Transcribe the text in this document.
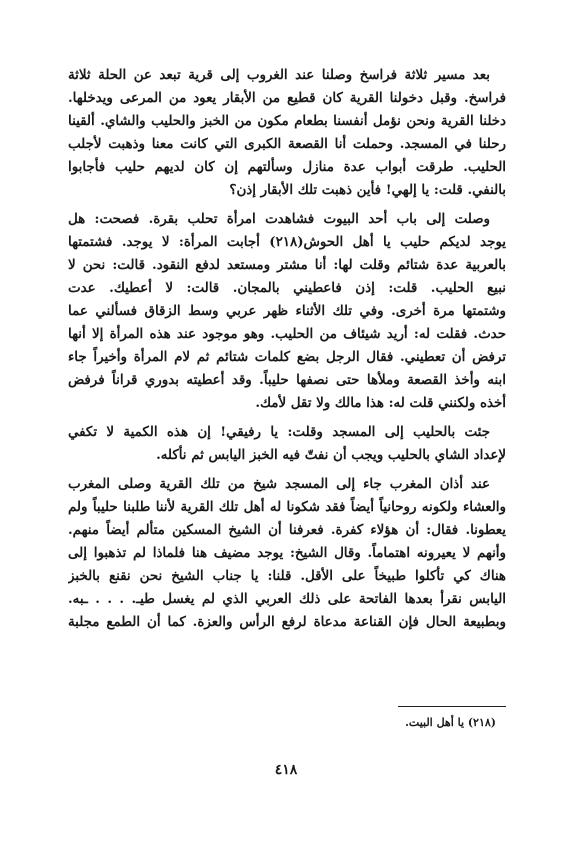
بعد مسير ثلاثة فراسخ وصلنا عند الغروب إلى قرية تبعد عن الحلة ثلاثة
فراسخ. وقبل دخولنا القرية كان قطيع من الأبقار يعود من المرعى ويدخلها.
دخلنا القرية ونحن نؤمل أنفسنا بطعام مكون من الخبز والحليب والشاي. ألقينا
رحلنا في المسجد. وحملت أنا القصعة الكبرى التي كانت معنا وذهبت لأجلب
الحليب. طرقت أبواب عدة منازل وسألتهم إن كان لديهم حليب فأجابوا
بالنفي. قلت: يا إلهي! فأين ذهبت تلك الأبقار إذن؟
وصلت إلى باب أحد البيوت فشاهدت امرأة تحلب بقرة. فصحت: هل
يوجد لديكم حليب يا أهل الحوش(٢١٨) أجابت المرأة: لا يوجد. فشتمتها
بالعربية عدة شتائم وقلت لها: أنا مشتر ومستعد لدفع النقود. قالت: نحن لا
نبيع الحليب. قلت: إذن فاعطيني بالمجان. قالت: لا أعطيك. عدت
وشتمتها مرة أخرى. وفي تلك الأثناء ظهر عربي وسط الزقاق فسألني عما
حدث. فقلت له: أريد شيئاف من الحليب. وهو موجود عند هذه المرأة إلا أنها
ترفض أن تعطيني. فقال الرجل بضع كلمات شتائم ثم لام المرأة وأخيراً جاء
ابنه وأخذ القصعة وملأها حتى نصفها حليباً. وقد أعطيته بدوري قراناً فرفض
أخذه ولكنني قلت له: هذا مالك ولا تقل لأمك.
جئت بالحليب إلى المسجد وقلت: يا رفيقي! إن هذه الكمية لا تكفي
لإعداد الشاي بالحليب ويجب أن نفتّ فيه الخبز اليابس ثم نأكله.
عند أذان المغرب جاء إلى المسجد شيخ من تلك القرية وصلى المغرب
والعشاء ولكونه روحانياً أيضاً فقد شكونا له أهل تلك القرية لأننا طلبنا حليباً ولم
يعطونا. فقال: أن هؤلاء كفرة. فعرفنا أن الشيخ المسكين متألم أيضاً منهم.
وأنهم لا يعيرونه اهتماماً. وقال الشيخ: يوجد مضيف هنا فلماذا لم تذهبوا إلى
هناك كي تأكلوا طبيخاً على الأقل. قلنا: يا جناب الشيخ نحن نقنع بالخبز
اليابس نقرأ بعدها الفاتحة على ذلك العربي الذي لم يغسل طيـ. . . . ـبه.
وبطبيعة الحال فإن القناعة مدعاة لرفع الرأس والعزة. كما أن الطمع مجلبة
(٢١٨) يا أهل البيت.
٤١٨
